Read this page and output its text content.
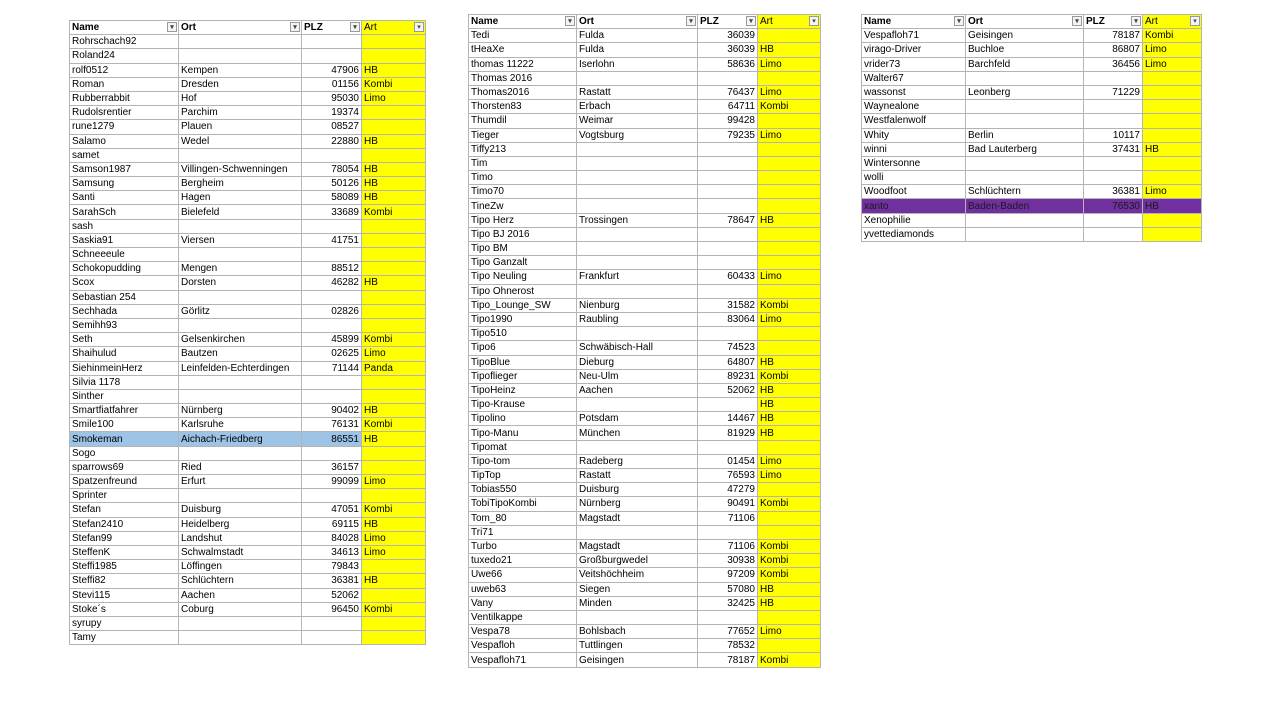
Name ▾	Ort ▾	PLZ ▾	Art ▾

Rohrschach92			
Roland24			
rolf0512	Kempen	47906	HB
Roman	Dresden	01156	Kombi
Rubberrabbit	Hof	95030	Limo
Rudolsrentier	Parchim	19374	
rune1279	Plauen	08527	
Salamo	Wedel	22880	HB
samet			
Samson1987	Villingen-Schwenningen	78054	HB
Samsung	Bergheim	50126	HB
Santi	Hagen	58089	HB
SarahSch	Bielefeld	33689	Kombi
sash			
Saskia91	Viersen	41751	
Schneeeule			
Schokopudding	Mengen	88512	
Scox	Dorsten	46282	HB
Sebastian 254			
Sechhada	Görlitz	02826	
Semihh93			
Seth	Gelsenkirchen	45899	Kombi
Shaihulud	Bautzen	02625	Limo
SiehinmeinHerz	Leinfelden-Echterdingen	71144	Panda
Silvia 1178			
Sinther			
Smartfiatfahrer	Nürnberg	90402	HB
Smile100	Karlsruhe	76131	Kombi
Smokeman	Aichach-Friedberg	86551	HB
Sogo			
sparrows69	Ried	36157	
Spatzenfreund	Erfurt	99099	Limo
Sprinter			
Stefan	Duisburg	47051	Kombi
Stefan2410	Heidelberg	69115	HB
Stefan99	Landshut	84028	Limo
SteffenK	Schwalmstadt	34613	Limo
Steffi1985	Löffingen	79843	
Steffi82	Schlüchtern	36381	HB
Stevi115	Aachen	52062	
Stoke´s	Coburg	96450	Kombi
syrupy			
Tamy			
Name ▾	Ort ▾	PLZ ▾	Art ▾

Tedi	Fulda	36039	
tHeaXe	Fulda	36039	HB
thomas 11222	Iserlohn	58636	Limo
Thomas 2016			
Thomas2016	Rastatt	76437	Limo
Thorsten83	Erbach	64711	Kombi
Thumdil	Weimar	99428	
Tieger	Vogtsburg	79235	Limo
Tiffy213			
Tim			
Timo			
Timo70			
TineZw			
Tipo Herz	Trossingen	78647	HB
Tipo BJ 2016			
Tipo BM			
Tipo Ganzalt			
Tipo Neuling	Frankfurt	60433	Limo
Tipo Ohnerost			
Tipo_Lounge_SW	Nienburg	31582	Kombi
Tipo1990	Raubling	83064	Limo
Tipo510			
Tipo6	Schwäbisch-Hall	74523	
TipoBlue	Dieburg	64807	HB
Tipoflieger	Neu-Ulm	89231	Kombi
TipoHeinz	Aachen	52062	HB
Tipo-Krause			HB
Tipolino	Potsdam	14467	HB
Tipo-Manu	München	81929	HB
Tipomat			
Tipo-tom	Radeberg	01454	Limo
TipTop	Rastatt	76593	Limo
Tobias550	Duisburg	47279	
TobiTipoKombi	Nürnberg	90491	Kombi
Tom_80	Magstadt	71106	
Tri71			
Turbo	Magstadt	71106	Kombi
tuxedo21	Großburgwedel	30938	Kombi
Uwe66	Veitshöchheim	97209	Kombi
uweb63	Siegen	57080	HB
Vany	Minden	32425	HB
Ventilkappe			
Vespa78	Bohlsbach	77652	Limo
Vespafloh	Tuttlingen	78532	
Vespafloh71	Geisingen	78187	Kombi
Name ▾	Ort ▾	PLZ ▾	Art ▾

Vespafloh71	Geisingen	78187	Kombi
virago-Driver	Buchloe	86807	Limo
vrider73	Barchfeld	36456	Limo
Walter67			
wassonst	Leonberg	71229	
Waynealone			
Westfalenwolf			
Whity	Berlin	10117	
winni	Bad Lauterberg	37431	HB
Wintersonne			
wolli			
Woodfoot	Schlüchtern	36381	Limo
xanto	Baden-Baden	76530	HB
Xenophilie			
yvettediamonds			
